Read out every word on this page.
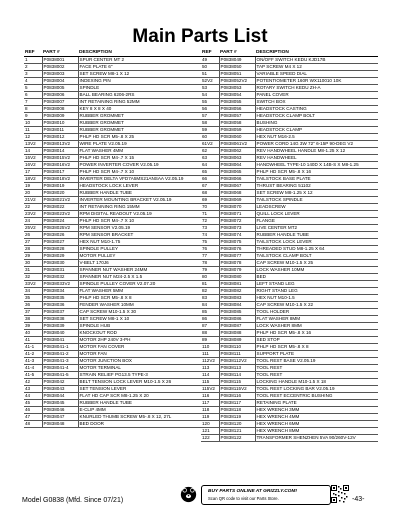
Main Parts List
REF	PART #	DESCRIPTION
1	P0838001	SPUR CENTER MT 2
2	P0838002	FACE PLATE 6"
3	P0838003	SET SCREW M8-1 X 12
4	P0838004	INDEXING PIN
5	P0838005	SPINDLE
6	P0838006	BALL BEARING 6206-2RS
7	P0838007	INT RETAINING RING 52MM
8	P0838008	KEY 8 X 8 X 40
9	P0838009	RUBBER GROMMET
10	P0838010	RUBBER GROMMET
11	P0838011	RUBBER GROMMET
12	P0838012	PHLP HD SCR M5-.8 X 25
13V2	P0838013V2	WIRE PLATE V2.05.19
14	P0838014	FLAT WASHER 4MM
15V2	P0838015V2	PHLP HD SCR M4-.7 X 15
16V2	P0838016V2	POWER INVERTER COVER V2.05.19
17	P0838017	PHLP HD SCR M4-.7 X 10
18V2	P0838018V2	INVERTER DELTA VFD7A5MS21ANSAA V2.05.19
19	P0838019	HEADSTOCK LOCK LEVER
20	P0838020	RUBBER HANDLE TUBE
21V2	P0838021V2	INVERTER MOUNTING BRACKET V2.05.19
22	P0838022	INT RETAINING RING 15MM
23V2	P0838023V2	RPM DIGITAL READOUT V2.05.19
24	P0838024	PHLP HD SCR M4-.7 X 10
25V2	P0838025V2	RPM SENSOR V2.05.19
26	P0838026	RPM SENSOR BRACKET
27	P0838027	HEX NUT M10-1.75
28	P0838028	SPINDLE PULLEY
29	P0838029	MOTOR PULLEY
30	P0838030	V-BELT 170J6
31	P0838031	SPANNER NUT WASHER 24MM
32	P0838032	SPANNER NUT M24-2.5 X 1.5
33V2	P0838033V2	SPINDLE PULLEY COVER V2.07.20
34	P0838034	FLAT WASHER 5MM
35	P0838035	PHLP HD SCR M5-.8 X 8
36	P0838036	FENDER WASHER 10MM
37	P0838037	CAP SCREW M10-1.5 X 30
38	P0838038	SET SCREW M8-1 X 10
39	P0838039	SPINDLE HUB
40	P0838040	KNOCKOUT ROD
41	P0838041	MOTOR 2HP 240V 3-PH
41-1	P0838041-1	MOTOR FAN COVER
41-2	P0838041-2	MOTOR FAN
41-3	P0838041-3	MOTOR JUNCTION BOX
41-4	P0838041-4	MOTOR TERMINAL
41-5	P0838041-5	STRAIN RELIEF PG13.5 TYPE-3
42	P0838042	BELT TENSION LOCK LEVER M10-1.5 X 26
43	P0838043	SET TENSION LEVER
44	P0838044	FLAT HD CAP SCR M8-1.25 X 20
45	P0838045	RUBBER HANDLE TUBE
46	P0838046	E-CLIP 4MM
47	P0838047	KNURLED THUMB SCREW M5-.8 X 12, 27L
48	P0838048	BED DOOR
REF	PART #	DESCRIPTION
49	P0838049	ON/OFF SWITCH KEDU KJD17B
50	P0838050	TAP SCREW M4 X 12
51	P0838051	VARIABLE SPEED DIAL
52V2	P0838052V2	POTENTIOMETER 160R WX110010 10K
53	P0838053	ROTARY SWITCH KEDU ZH-A
54	P0838054	PANEL COVER
55	P0838055	SWITCH BOX
56	P0838056	HEADSTOCK CASTING
57	P0838057	HEADSTOCK CLAMP BOLT
58	P0838058	BUSHING
59	P0838059	HEADSTOCK CLAMP
60	P0838060	HEX NUT M16-2.5
61V2	P0838061V2	POWER CORD 14G 3W 72" 6-15P 90-DEG V2
62	P0838062	REV HANDWHEEL HANDLE M8-1.25 X 12
63	P0838063	REV HANDWHEEL
64	P0838064	HANDWHEEL TYPE-10 140D X 14B-S X M8-1.25
65	P0838065	PHLP HD SCR M5-.8 X 16
66	P0838066	TAILSTOCK BASE PLATE
67	P0838067	THRUST BEARING 51102
68	P0838068	SET SCREW M8-1.25 X 12
69	P0838069	TAILSTOCK SPINDLE
70	P0838070	LEADSCREW
71	P0838071	QUILL LOCK LEVER
72	P0838072	FLANGE
73	P0838073	LIVE CENTER MT2
74	P0838074	RUBBER HANDLE TUBE
75	P0838075	TAILSTOCK LOCK LEVER
76	P0838076	THREADED STUD M8-1.25 X 64
77	P0838077	TAILSTOCK CLAMP BOLT
78	P0838078	CAP SCREW M10-1.5 X 25
79	P0838079	LOCK WASHER 10MM
80	P0838080	BED
81	P0838081	LEFT STAND LEG
82	P0838082	RIGHT STAND LEG
83	P0838083	HEX NUT M10-1.5
84	P0838084	CAP SCREW M10-1.5 X 22
85	P0838085	TOOL HOLDER
86	P0838086	FLAT WASHER 8MM
87	P0838087	LOCK WASHER 8MM
88	P0838088	PHLP HD SCR M5-.8 X 16
89	P0838089	SED STOP
110	P0838110	PHLP HD SCR M5-.8 X 8
111	P0838111	SUPPORT PLATE
112V2	P0838112V2	TOOL REST BASE V2.05.19
113	P0838113	TOOL REST
114	P0838114	TOOL REST
115	P0838115	LOCKING HANDLE M10-1.5 X 18
115V2	P0838115V2	TOOL REST LOCKING BAR V2.05.19
116	P0838116	TOOL REST ECCENTRIC BUSHING
117	P0838117	RETAINING PLATE
118	P0838118	HEX WRENCH 3MM
119	P0838119	HEX WRENCH 4MM
120	P0838120	HEX WRENCH 6MM
121	P0838121	HEX WRENCH 8MM
122	P0838122	TRANSFORMER SHENZHEN 5VA 90/260V-12V
Model G0838 (Mfd. Since 07/21)
BUY PARTS ONLINE AT GRIZZLY.COM!
Scan QR code to visit our Parts Store.	-43-
